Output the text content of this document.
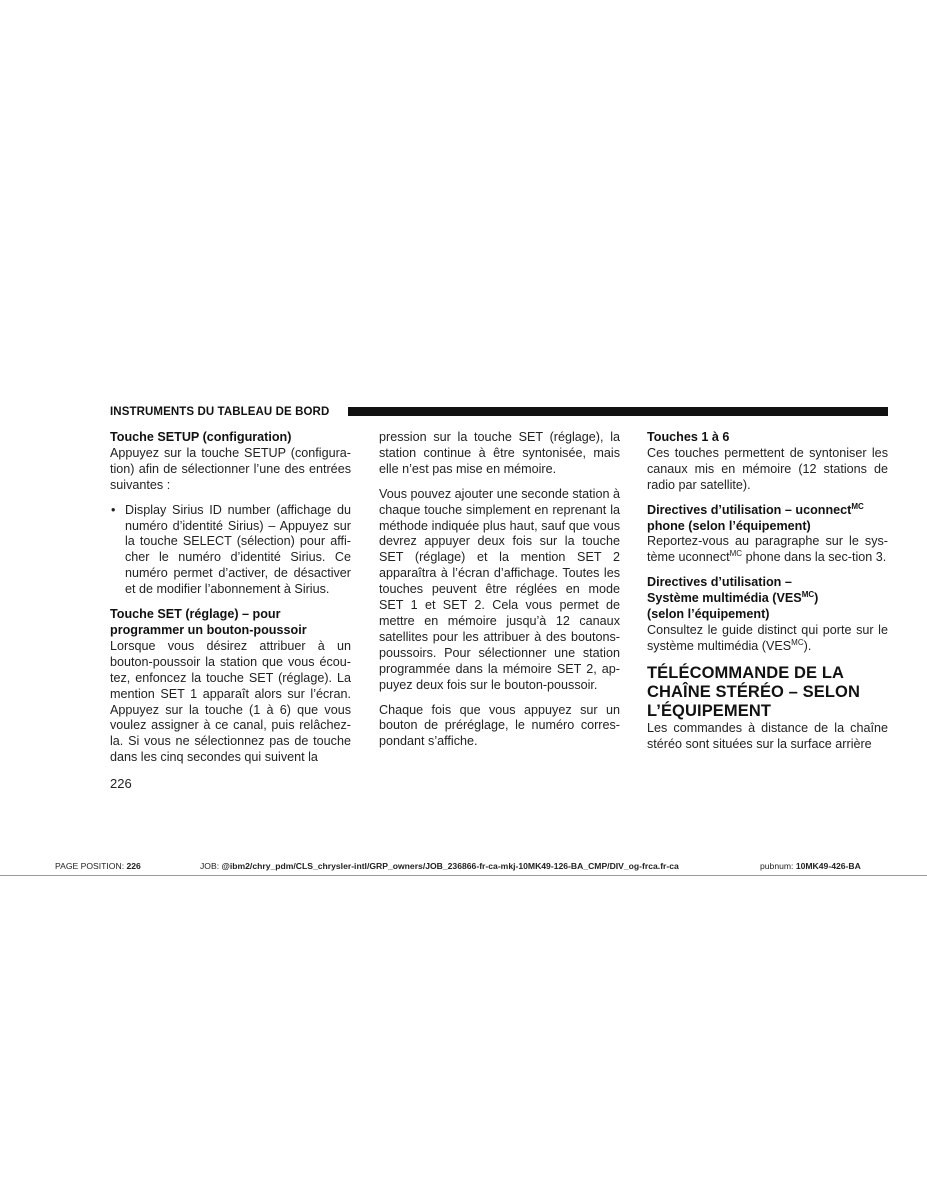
INSTRUMENTS DU TABLEAU DE BORD
Touche SETUP (configuration)

Appuyez sur la touche SETUP (configura-tion) afin de sélectionner l’une des entrées suivantes :

• Display Sirius ID number (affichage du numéro d’identité Sirius) – Appuyez sur la touche SELECT (sélection) pour affi-cher le numéro d’identité Sirius. Ce numéro permet d’activer, de désactiver et de modifier l’abonnement à Sirius.
Touche SET (réglage) – pour programmer un bouton-poussoir

Lorsque vous désirez attribuer à un bouton-poussoir la station que vous écou-tez, enfoncez la touche SET (réglage). La mention SET 1 apparaît alors sur l’écran. Appuyez sur la touche (1 à 6) que vous voulez assigner à ce canal, puis relâchez-la. Si vous ne sélectionnez pas de touche dans les cinq secondes qui suivent la

pression sur la touche SET (réglage), la station continue à être syntonisée, mais elle n’est pas mise en mémoire.

Vous pouvez ajouter une seconde station à chaque touche simplement en reprenant la méthode indiquée plus haut, sauf que vous devrez appuyer deux fois sur la touche SET (réglage) et la mention SET 2 apparaîtra à l’écran d’affichage. Toutes les touches peuvent être réglées en mode SET 1 et SET 2. Cela vous permet de mettre en mémoire jusqu’à 12 canaux satellites pour les attribuer à des boutons-poussoirs. Pour sélectionner une station programmée dans la mémoire SET 2, ap-puyez deux fois sur le bouton-poussoir.

Chaque fois que vous appuyez sur un bouton de préréglage, le numéro corres-pondant s’affiche.

Touches 1 à 6

Ces touches permettent de syntoniser les canaux mis en mémoire (12 stations de radio par satellite).

Directives d’utilisation – uconnect$^{MC}$
phone (selon l’équipement)

Reportez-vous au paragraphe sur le sys-tème uconnect$^{MC}$ phone dans la sec-tion 3.

Directives d’utilisation –
Système multimédia $(VES^{MC})$
(selon l’équipement)

Consultez le guide distinct qui porte sur le système multimédia $(VES^{MC})$.

TÉLÉCOMMANDE DE LA
CHAÎNE STÉRÉO – SELON
L’ÉQUIPEMENT

Les commandes à distance de la chaîne stéréo sont situées sur la surface arrière

226
PAGE POSITION: 226	JOB: @ibm2/chry_pdm/CLS_chrysler-intl/GRP_owners/JOB_236866-fr-ca-mkj-10MK49-126-BA_CMP/DIV_og-frca.fr-ca	pubnum: 10MK49-426-BA
